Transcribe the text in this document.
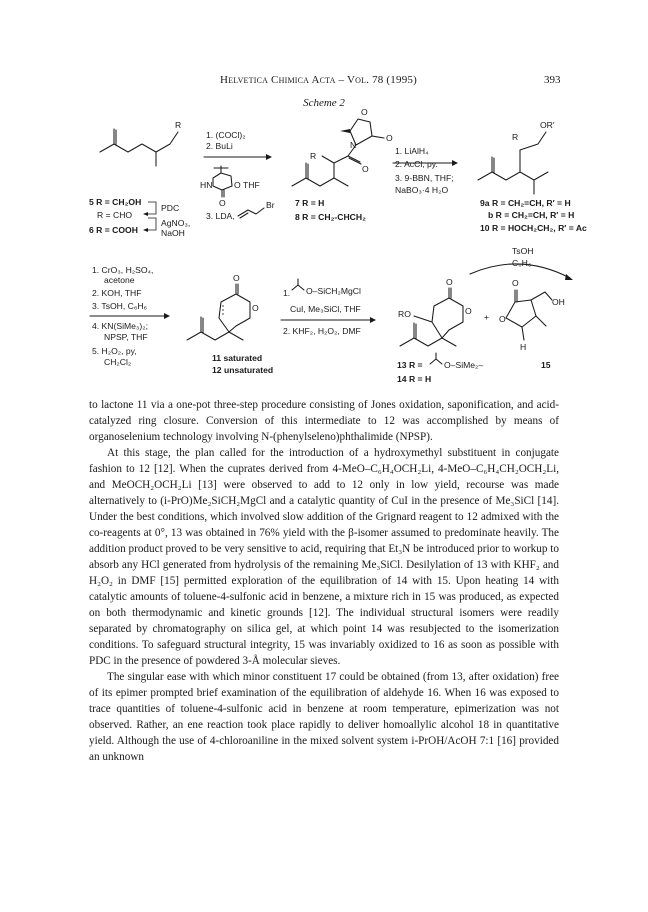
Helvetica Chimica Acta – Vol. 78 (1995)	393
Scheme 2
R
1. (COCl)₂
2. BuLi
HN	O THF
O
3. LDA,
Br
5 R = CH₂OH
R = CHO
6 R = COOH
PDC
AgNO₃,
NaOH
O
N
O
O
R
7 R = H
8 R = CH₂-CHCH₂
1. LiAlH₄
2. AcCl, py.
3. 9-BBN, THF;
NaBO₃·4 H₂O
R
OR′
9a R = CH₂=CH, R′ = H
b R = CH₂=CH, R′ = H
10 R = HOCH₂CH₂, R′ = Ac
1. CrO₃, H₂SO₄,
acetone
2. KOH, THF
3. TsOH, C₆H₆
4. KN(SiMe₃)₂;
NPSP, THF
5. H₂O₂, py,
CH₂Cl₂
O
O
11 saturated
12 unsaturated
1. O–SiCH₂MgCl
CuI, Me₃SiCl, THF
2. KHF₂, H₂O₂, DMF
RO
O
O
13 R = O–SiMe₂–
14 R = H
TsOH
C₆H₆
+
OH
O
O
H
15

to lactone 11 via a one-pot three-step procedure consisting of Jones oxidation, saponification, and acid-catalyzed ring closure. Conversion of this intermediate to 12 was accomplished by means of organoselenium technology involving N-(phenylseleno)phthalimide (NPSP).

At this stage, the plan called for the introduction of a hydroxymethyl substituent in conjugate fashion to 12 [12]. When the cuprates derived from 4-MeO–C₆H₄OCH₂Li, 4-MeO–C₆H₄CH₂OCH₂Li, and MeOCH₂OCH₂Li [13] were observed to add to 12 only in low yield, recourse was made alternatively to (i-PrO)Me₂SiCH₂MgCl and a catalytic quantity of CuI in the presence of Me₃SiCl [14]. Under the best conditions, which involved slow addition of the Grignard reagent to 12 admixed with the co-reagents at 0°, 13 was obtained in 76% yield with the β-isomer assumed to predominate heavily. The addition product proved to be very sensitive to acid, requiring that Et₃N be introduced prior to workup to absorb any HCl generated from hydrolysis of the remaining Me₃SiCl. Desilylation of 13 with KHF₂ and H₂O₂ in DMF [15] permitted exploration of the equilibration of 14 with 15. Upon heating 14 with catalytic amounts of toluene-4-sulfonic acid in benzene, a mixture rich in 15 was produced, as expected on both thermodynamic and kinetic grounds [12]. The individual structural isomers were readily separated by chromatography on silica gel, at which point 14 was resubjected to the isomerization conditions. To safeguard structural integrity, 15 was invariably oxidized to 16 as soon as possible with PDC in the presence of powdered 3-Å molecular sieves.

The singular ease with which minor constituent 17 could be obtained (from 13, after oxidation) free of its epimer prompted brief examination of the equilibration of aldehyde 16. When 16 was exposed to trace quantities of toluene-4-sulfonic acid in benzene at room temperature, epimerization was not observed. Rather, an ene reaction took place rapidly to deliver homoallylic alcohol 18 in quantitative yield. Although the use of 4-chloroaniline in the mixed solvent system i-PrOH/AcOH 7:1 [16] provided an unknown
